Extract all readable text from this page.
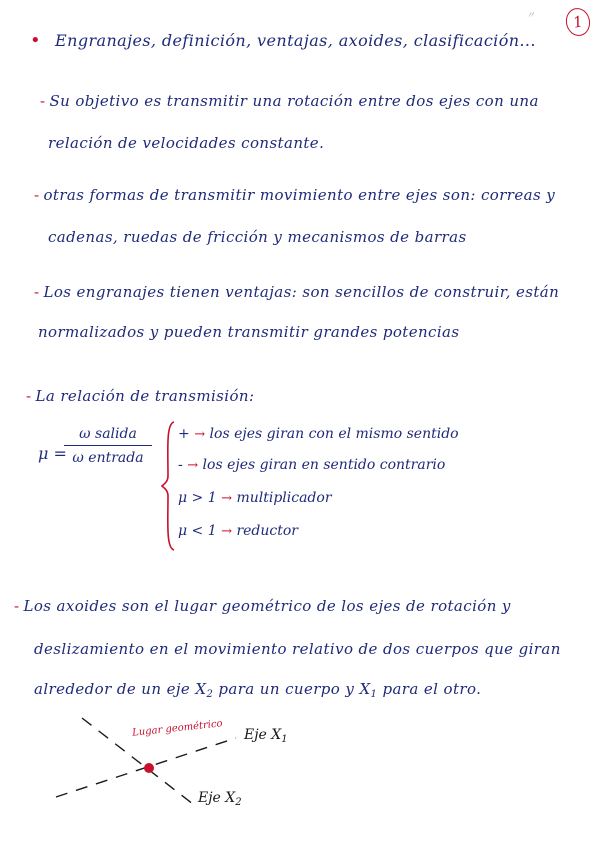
〃	1
• Engranajes, definición, ventajas, axoides, clasificación...
- Su objetivo es transmitir una rotación entre dos ejes con una
relación de velocidades constante.
- otras formas de transmitir movimiento entre ejes son: correas y
cadenas, ruedas de fricción y mecanismos de barras
- Los engranajes tienen ventajas: son sencillos de construir, están
normalizados y pueden transmitir grandes potencias
- La relación de transmisión:
μ =
ω salida
ω entrada
+ → los ejes giran con el mismo sentido
- → los ejes giran en sentido contrario
μ > 1 → multiplicador
μ < 1 → reductor
- Los axoides son el lugar geométrico de los ejes de rotación y
deslizamiento en el movimiento relativo de dos cuerpos que giran
alrededor de un eje $X_2$ para un cuerpo y $X_1$ para el otro.
Lugar geométrico Eje $X_1$
Eje $X_2$
